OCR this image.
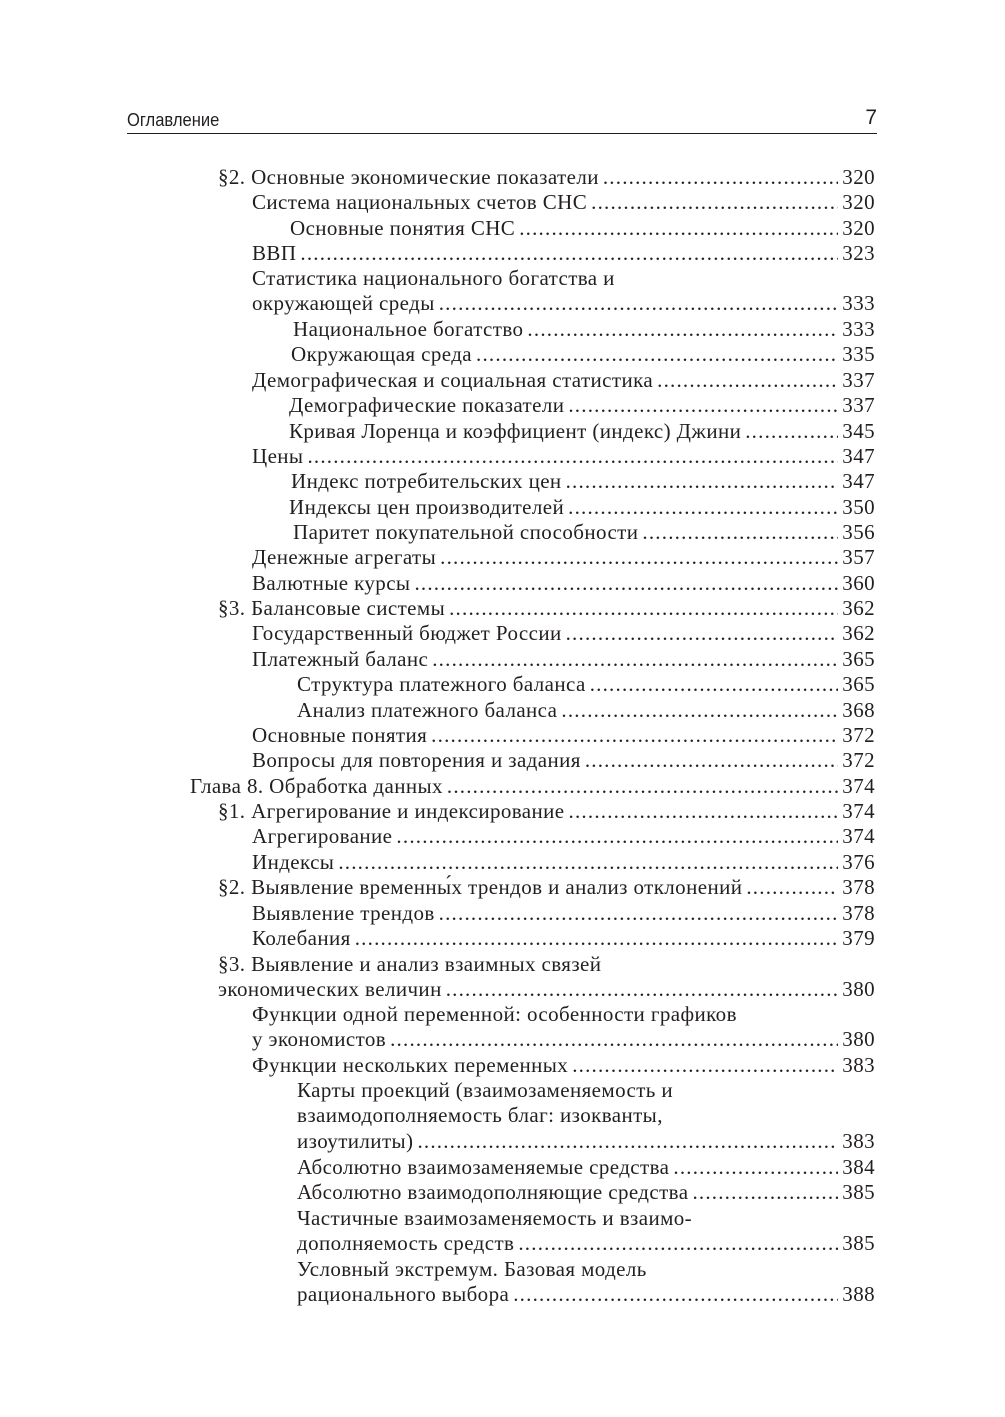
Оглавление	7
§2. Основные экономические показатели .....	320
Система национальных счетов СНС .....	320
Основные понятия СНС .....	320
ВВП .....	323
Статистика национального богатства и
окружающей среды .....	333
Национальное богатство .....	333
Окружающая среда .....	335
Демографическая и социальная статистика .....	337
Демографические показатели .....	337
Кривая Лоренца и коэффициент (индекс) Джини .....	345
Цены .....	347
Индекс потребительских цен .....	347
Индексы цен производителей .....	350
Паритет покупательной способности .....	356
Денежные агрегаты .....	357
Валютные курсы .....	360
§3. Балансовые системы .....	362
Государственный бюджет России .....	362
Платежный баланс .....	365
Структура платежного баланса .....	365
Анализ платежного баланса .....	368
Основные понятия .....	372
Вопросы для повторения и задания .....	372
Глава 8. Обработка данных .....	374
§1. Агрегирование и индексирование .....	374
Агрегирование .....	374
Индексы .....	376
§2. Выявление временны́х трендов и анализ отклонений .....	378
Выявление трендов .....	378
Колебания .....	379
§3. Выявление и анализ взаимных связей
экономических величин .....	380
Функции одной переменной: особенности графиков
у экономистов .....	380
Функции нескольких переменных .....	383
Карты проекций (взаимозаменяемость и
взаимодополняемость благ: изокванты,
изоутилиты) .....	383
Абсолютно взаимозаменяемые средства .....	384
Абсолютно взаимодополняющие средства .....	385
Частичные взаимозаменяемость и взаимо-
дополняемость средств .....	385
Условный экстремум. Базовая модель
рационального выбора .....	388
